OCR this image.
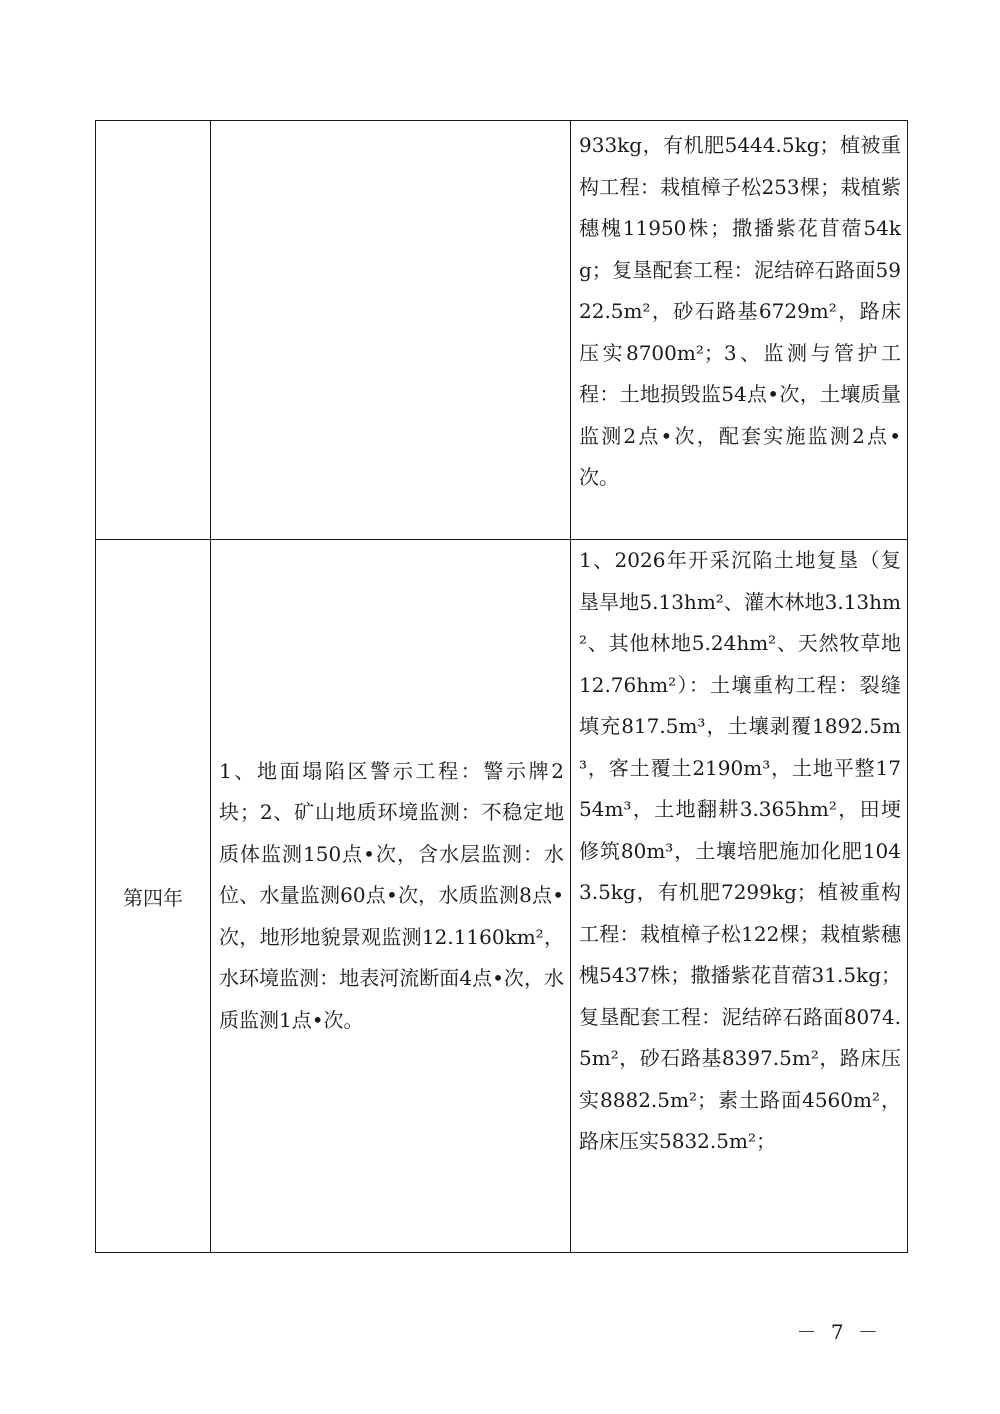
		933kg，有机肥5444.5kg；植被重构工程：栽植樟子松253棵；栽植紫穗槐11950株；撒播紫花苜蓿54kg；复垦配套工程：泥结碎石路面5922.5m²，砂石路基6729m²，路床压实8700m²；3、监测与管护工程：土地损毁监54点•次，土壤质量监测2点•次，配套实施监测2点•次。

第四年	1、地面塌陷区警示工程：警示牌2块；2、矿山地质环境监测：不稳定地质体监测150点•次，含水层监测：水位、水量监测60点•次，水质监测8点•次，地形地貌景观监测12.1160km²，水环境监测：地表河流断面4点•次，水质监测1点•次。	1、2026年开采沉陷土地复垦（复垦旱地5.13hm²、灌木林地3.13hm²、其他林地5.24hm²、天然牧草地12.76hm²）：土壤重构工程：裂缝填充817.5m³，土壤剥覆1892.5m³，客土覆土2190m³，土地平整1754m³，土地翻耕3.365hm²，田埂修筑80m³，土壤培肥施加化肥1043.5kg，有机肥7299kg；植被重构工程：栽植樟子松122棵；栽植紫穗槐5437株；撒播紫花苜蓿31.5kg；复垦配套工程：泥结碎石路面8074.5m²，砂石路基8397.5m²，路床压实8882.5m²；素土路面4560m²，路床压实5832.5m²；
－ 7 －
